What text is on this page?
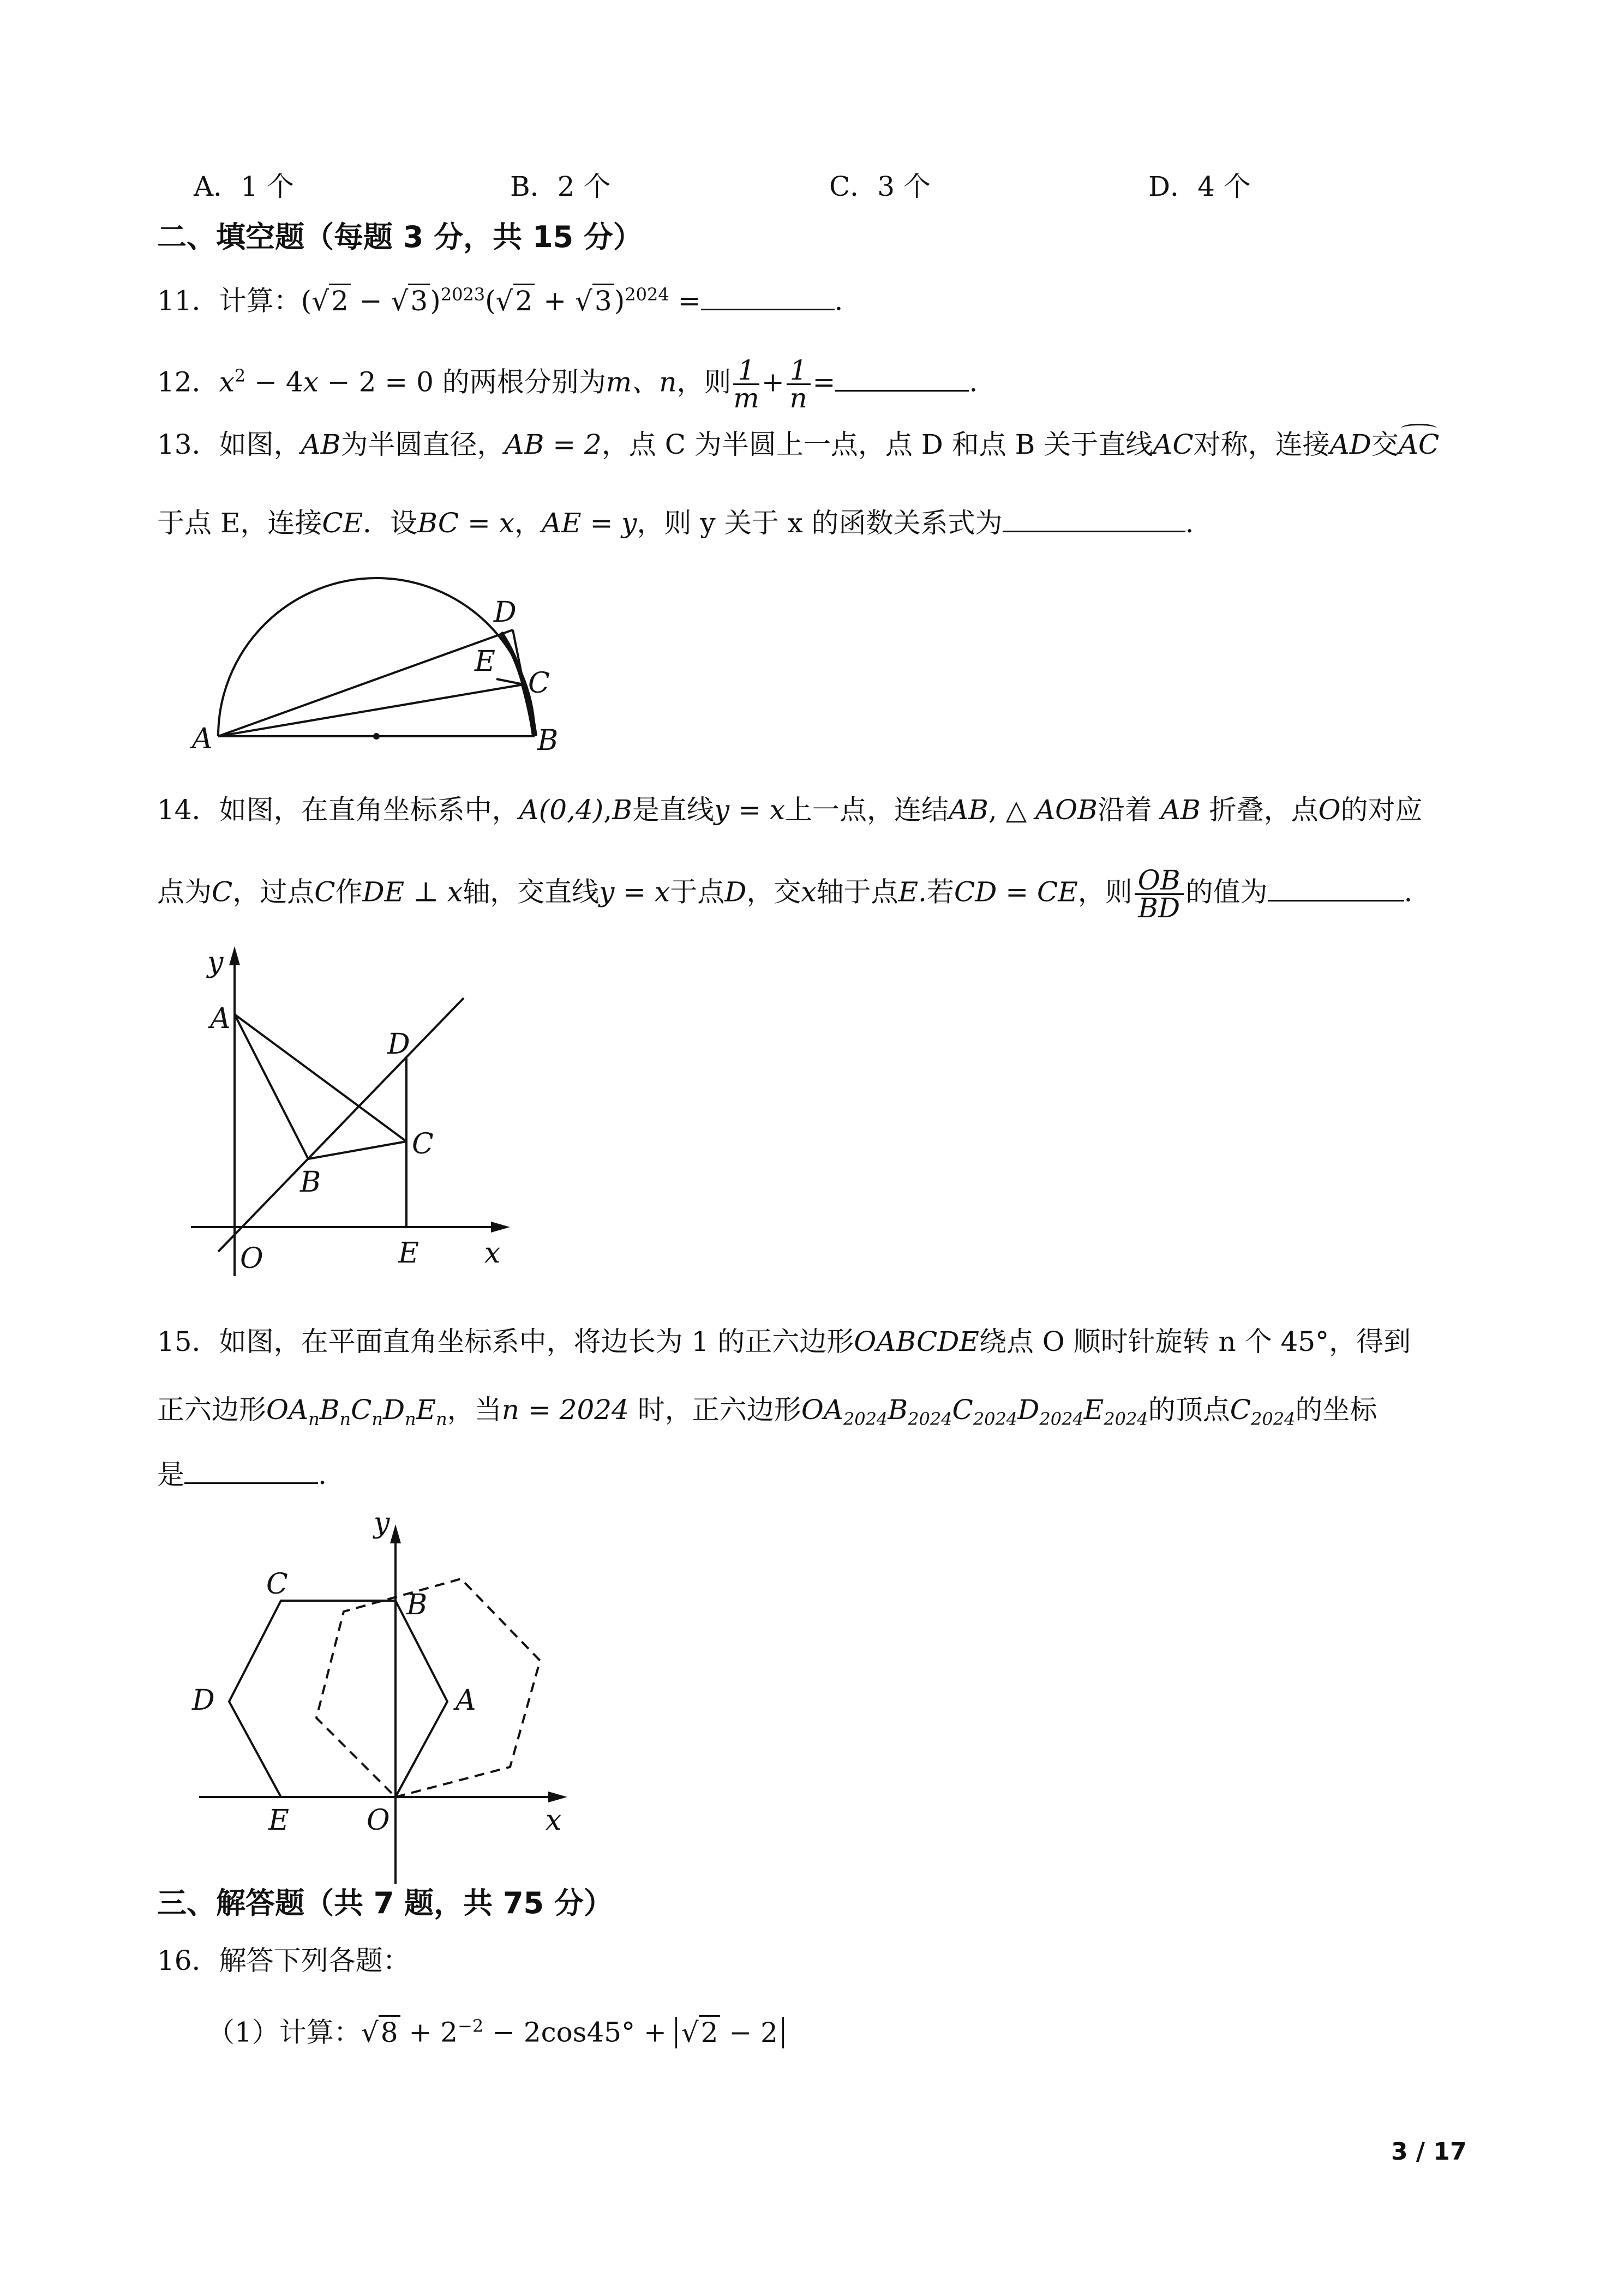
A．1 个	B．2 个	C．3 个	D．4 个
二、填空题（每题 3 分，共 15 分）
11．计算：$(√2 - √3)^{2023}(√2 + √3)^{2024}$ =	.
12．$x^2 - 4x - 2 = 0$ 的两根分别为m、n，则 $\frac{1}{m} + \frac{1}{n}$ =	.
13．如图，AB为半圆直径，AB = 2，点 C 为半圆上一点，点 D 和点 B 关于直线AC对称，连接AD交AC
于点 E，连接CE．设BC = x，AE = y，则 y 关于 x 的函数关系式为	.
A	B
C
D
E
14．如图，在直角坐标系中，A(0,4),B是直线y = x上一点，连结AB, △ AOB沿着 AB 折叠，点O的对应
点为C，过点C作DE ⊥ x轴，交直线y = x于点D，交x轴于点E.若CD = CE，则 $\frac{OB}{BD}$ 的值为	.
y
A
D
C
B
O	E x
15．如图，在平面直角坐标系中，将边长为 1 的正六边形OABCDE绕点 O 顺时针旋转 n 个 45°，得到
正六边形$OA_nB_nC_nD_nE_n$，当n = 2024 时，正六边形$OA_{2024}B_{2024}C_{2024}D_{2024}E_{2024}$的顶点$C_{2024}$的坐标
是	.
y
C
B
D	A
E	O	x
三、解答题（共 7 题，共 75 分）
16．解答下列各题：
（1）计算：$√8 + 2^{-2} - 2\cos 45^\circ + √2 - 2$
3 / 17
